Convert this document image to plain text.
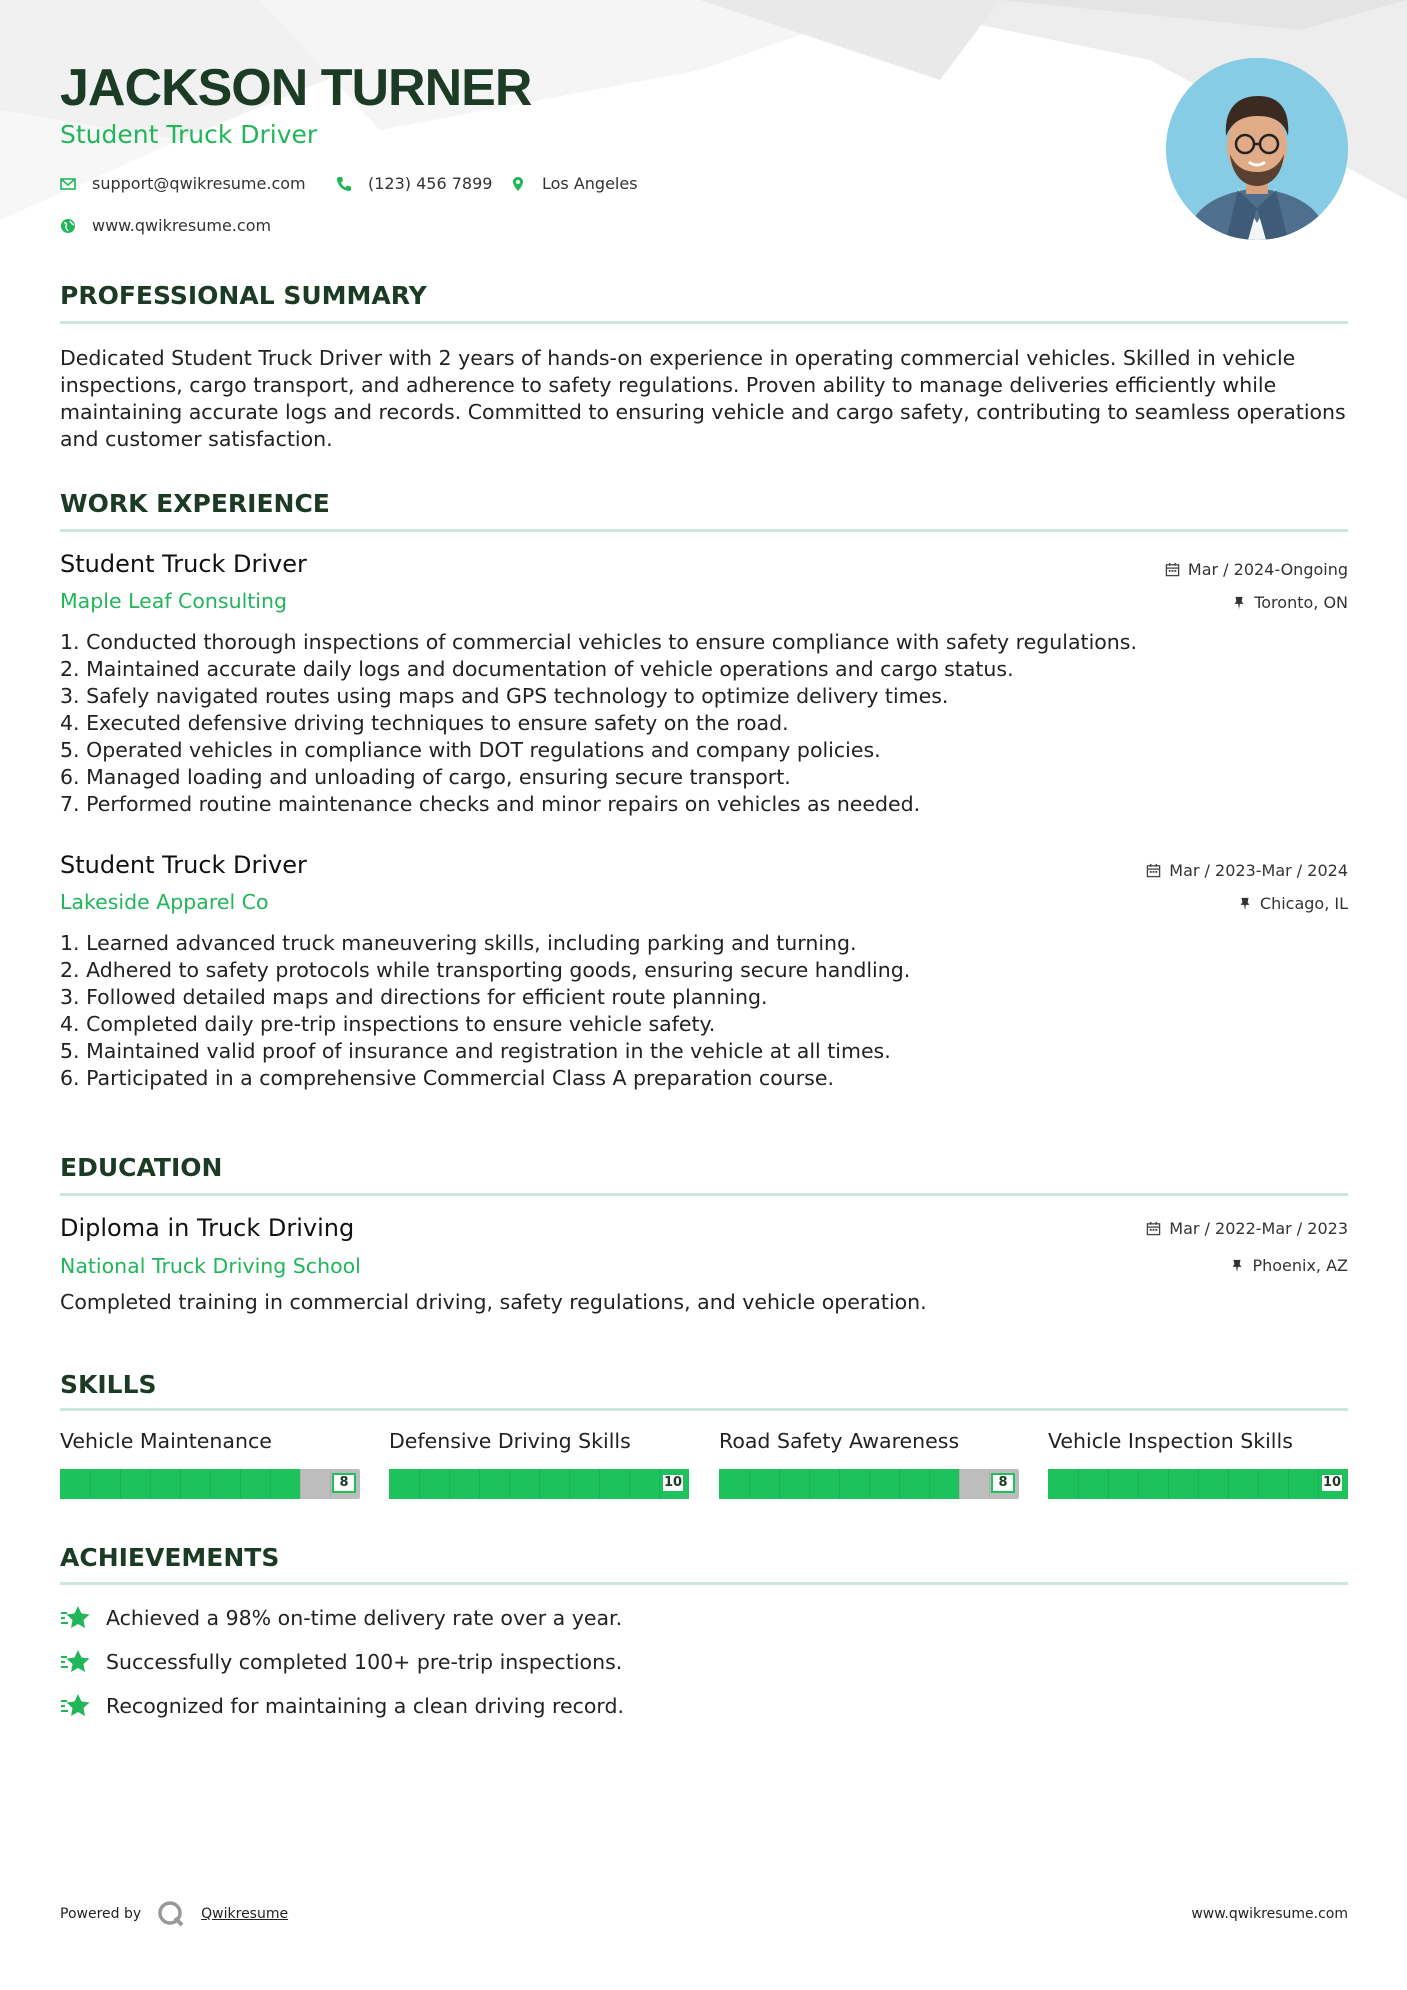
JACKSON TURNER
Student Truck Driver
support@qwikresume.com	(123) 456 7899	Los Angeles
www.qwikresume.com
PROFESSIONAL SUMMARY
Dedicated Student Truck Driver with 2 years of hands-on experience in operating commercial vehicles. Skilled in vehicle inspections, cargo transport, and adherence to safety regulations. Proven ability to manage deliveries efficiently while maintaining accurate logs and records. Committed to ensuring vehicle and cargo safety, contributing to seamless operations and customer satisfaction.
WORK EXPERIENCE
Student Truck Driver
Maple Leaf Consulting
Mar / 2024-Ongoing
Toronto, ON
1. Conducted thorough inspections of commercial vehicles to ensure compliance with safety regulations.
2. Maintained accurate daily logs and documentation of vehicle operations and cargo status.
3. Safely navigated routes using maps and GPS technology to optimize delivery times.
4. Executed defensive driving techniques to ensure safety on the road.
5. Operated vehicles in compliance with DOT regulations and company policies.
6. Managed loading and unloading of cargo, ensuring secure transport.
7. Performed routine maintenance checks and minor repairs on vehicles as needed.
Student Truck Driver
Lakeside Apparel Co
Mar / 2023-Mar / 2024
Chicago, IL
1. Learned advanced truck maneuvering skills, including parking and turning.
2. Adhered to safety protocols while transporting goods, ensuring secure handling.
3. Followed detailed maps and directions for efficient route planning.
4. Completed daily pre-trip inspections to ensure vehicle safety.
5. Maintained valid proof of insurance and registration in the vehicle at all times.
6. Participated in a comprehensive Commercial Class A preparation course.
EDUCATION
Diploma in Truck Driving
National Truck Driving School
Mar / 2022-Mar / 2023
Phoenix, AZ
Completed training in commercial driving, safety regulations, and vehicle operation.
SKILLS
Vehicle Maintenance
8
Defensive Driving Skills
10
Road Safety Awareness
8
Vehicle Inspection Skills
10
ACHIEVEMENTS
Achieved a 98% on-time delivery rate over a year.
Successfully completed 100+ pre-trip inspections.
Recognized for maintaining a clean driving record.
Powered by	Qwikresume	www.qwikresume.com
